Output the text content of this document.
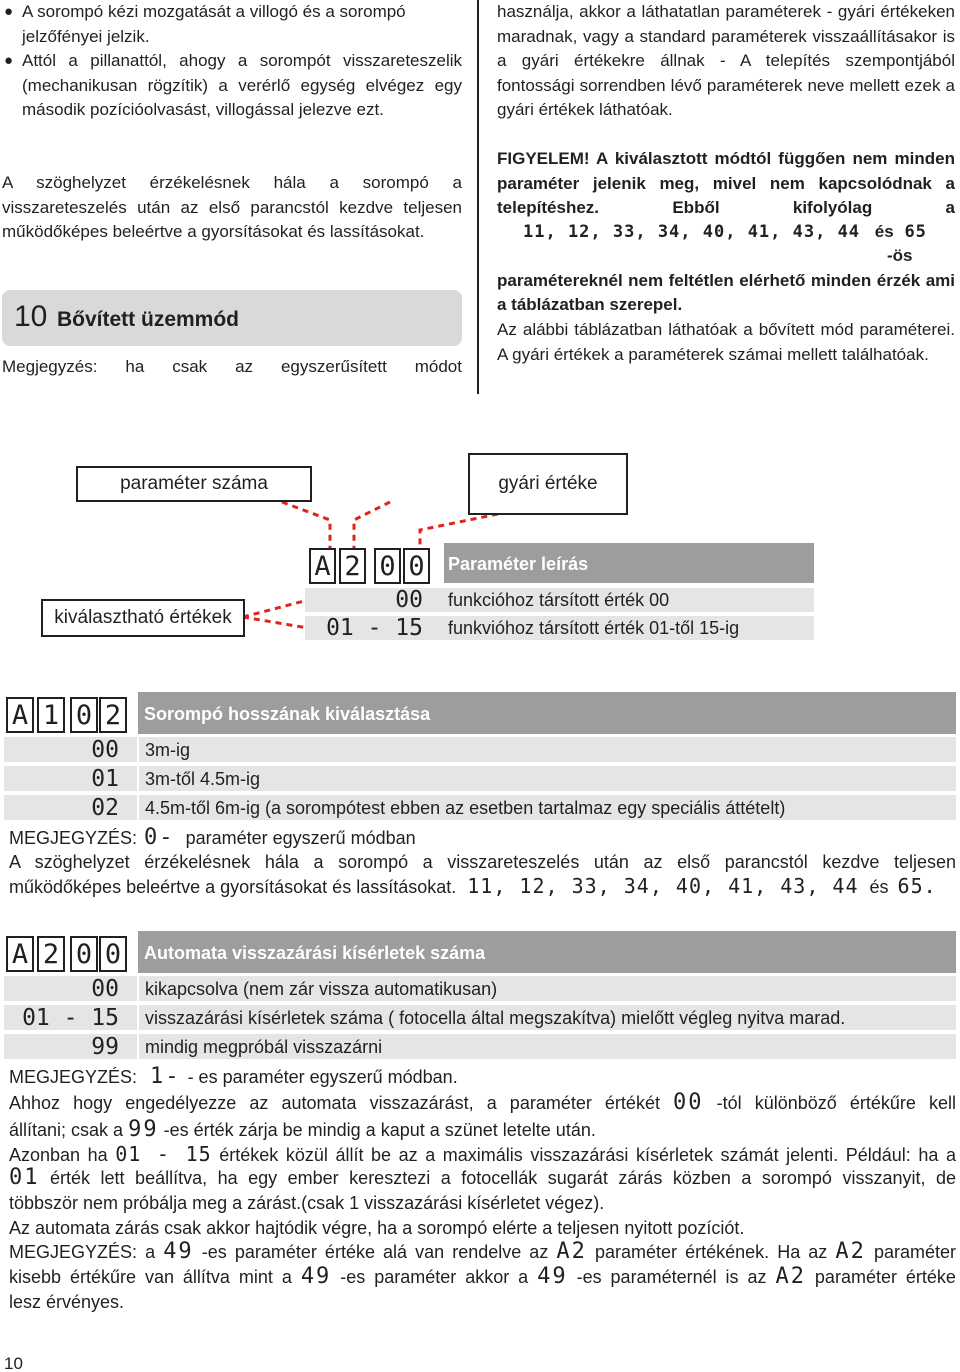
● A sorompó kézi mozgatását a villogó és a sorompó jelzőfényei jelzik.
● Attól a pillanattól, ahogy a sorompót visszareteszelik (mechanikusan rögzítik) a verérlő egység elvégez egy második pozícióolvasást, villogással jelezve ezt.
A szöghelyzet érzékelésnek hála a sorompó a visszareteszelés után az első parancstól kezdve teljesen működőképes beleértve a gyorsításokat és lassításokat.
10 Bővített üzemmód
Megjegyzés: ha csak az egyszerűsített módot
használja, akkor a láthatatlan paraméterek - gyári értékeken maradnak, vagy a standard paraméterek visszaállításakor is a gyári értékekre állnak - A telepítés szempontjából fontossági sorrendben lévő paraméterek neve mellett ezek a gyári értékek láthatóak.
FIGYELEM! A kiválasztott módtól függően nem minden paraméter jelenik meg, mivel nem kapcsolódnak a telepítéshez. Ebből kifolyólag a
11, 12, 33, 34, 40, 41, 43, 44 és 65
-ös paramétereknél nem feltétlen elérhető minden érzék ami a táblázatban szerepel.
Az alábbi táblázatban láthatóak a bővített mód paraméterei. A gyári értékek a paraméterek számai mellett találhatóak.
paraméter száma	gyári értéke
kiválasztható értékek
A 2 0 0 Paraméter leírás
00 funkcióhoz társított érték 00
01 - 15 funkvióhoz társított érték 01-től 15-ig
A 1 0 2	Sorompó hosszának kiválasztása
00 3m-ig
01 3m-től 4.5m-ig
02 4.5m-től 6m-ig (a sorompótest ebben az esetben tartalmaz egy speciális áttételt)
MEGJEGYZÉS: 0- paraméter egyszerű módban
A szöghelyzet érzékelésnek hála a sorompó a visszareteszelés után az első parancstól kezdve teljesen
működőképes beleértve a gyorsításokat és lassításokat. 11, 12, 33, 34, 40, 41, 43, 44 és 65.
A 2 0 0	Automata visszazárási kísérletek száma
00 kikapcsolva (nem zár vissza automatikusan)
01 - 15 visszazárási kísérletek száma ( fotocella által megszakítva) mielőtt végleg nyitva marad.
99 mindig megpróbál visszazárni
MEGJEGYZÉS: 1- - es paraméter egyszerű módban.
Ahhoz hogy engedélyezze az automata visszazárást, a paraméter értékét 00 -tól különböző értékűre kell
állítani; csak a 99 -es érték zárja be mindig a kaput a szünet letelte után.
Azonban ha 01 - 15 értékek közül állít be az a maximális visszazárási kísérletek számát jelenti. Például: ha a
01 érték lett beállítva, ha egy ember keresztezi a fotocellák sugarát zárás közben a sorompó visszanyit, de
többször nem próbálja meg a zárást.(csak 1 visszazárási kísérletet végez).
Az automata zárás csak akkor hajtódik végre, ha a sorompó elérte a teljesen nyitott pozíciót.
MEGJEGYZÉS: a 49 -es paraméter értéke alá van rendelve az A2 paraméter értékének. Ha az A2 paraméter
kisebb értékűre van állítva mint a 49 -es paraméter akkor a 49 -es paraméternél is az A2 paraméter értéke
lesz érvényes.
10
